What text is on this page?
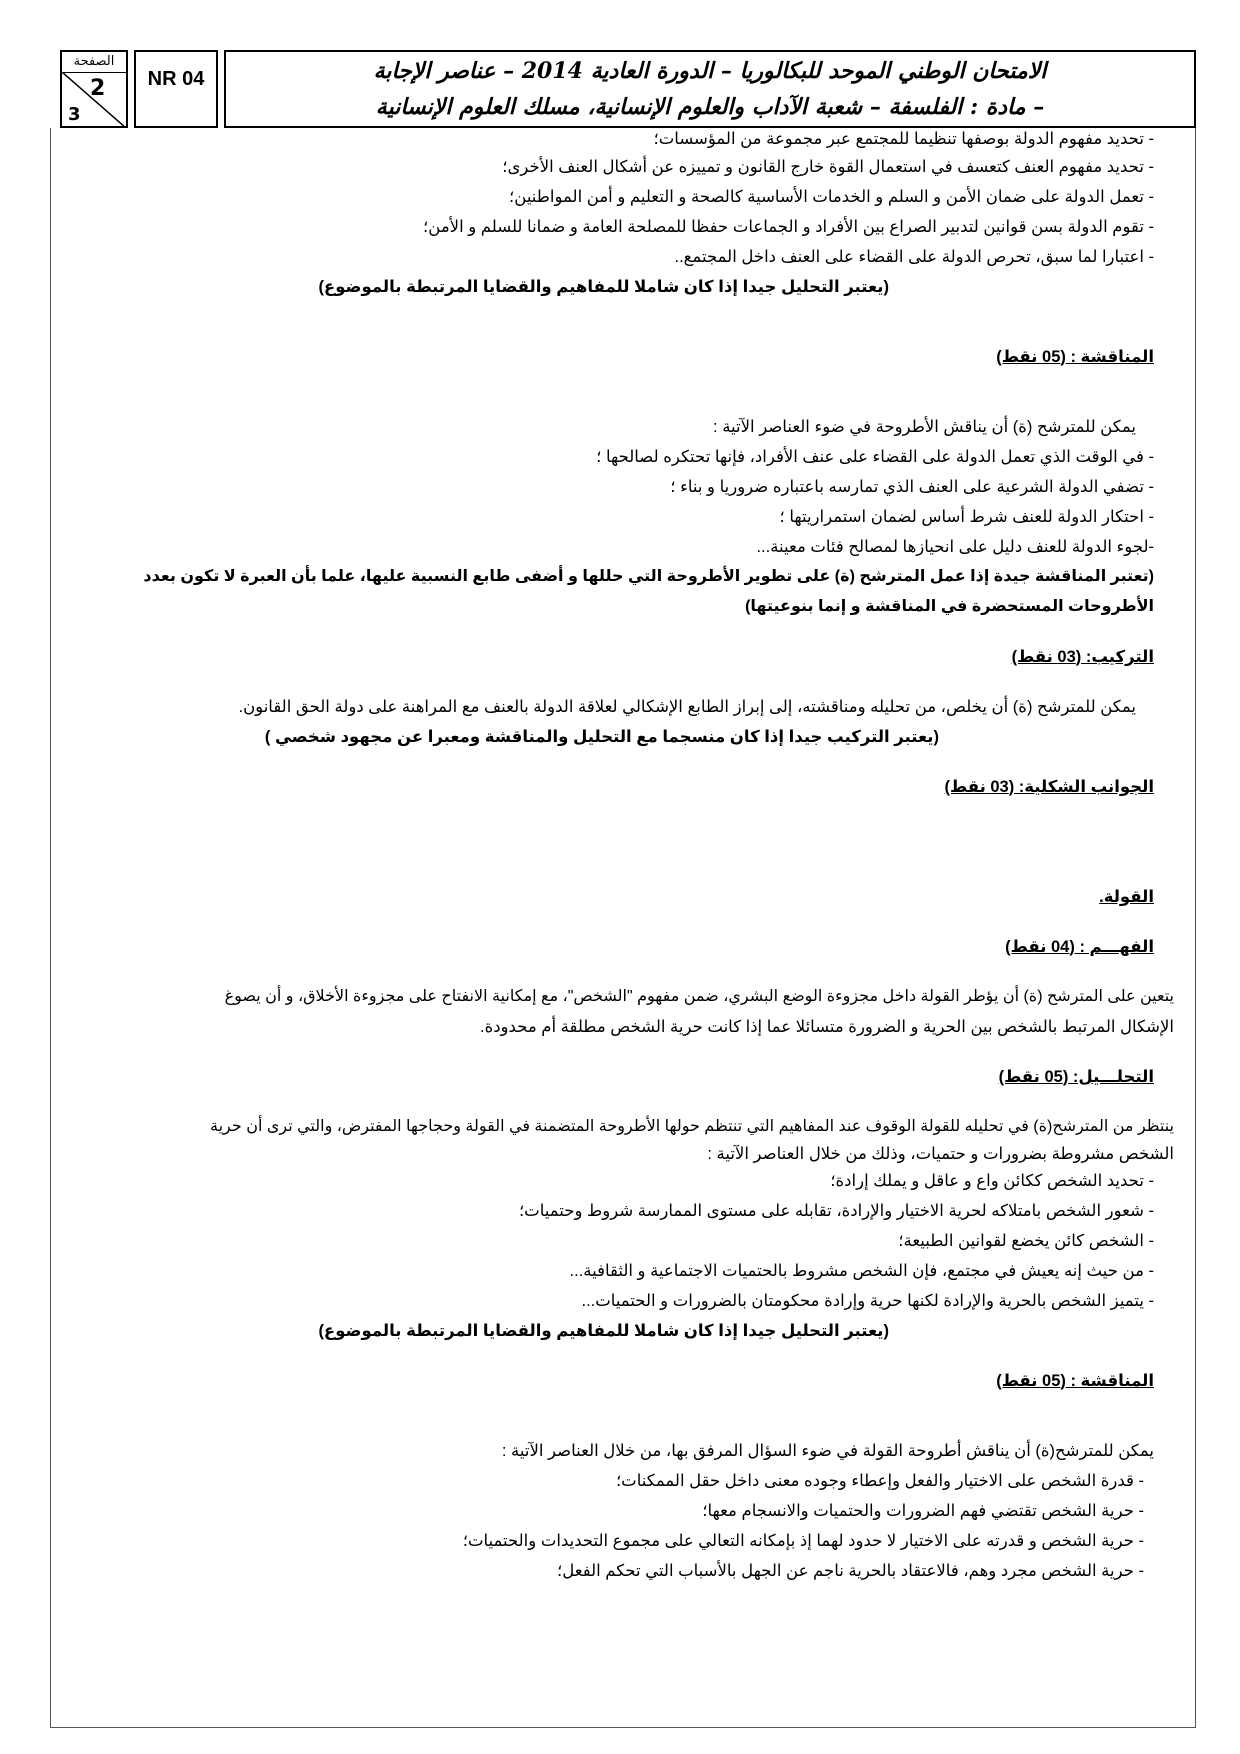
الصفحة
2
3
NR 04	الامتحان الوطني الموحد للبكالوريا – الدورة العادية 2014 – عناصر الإجابة
– مادة : الفلسفة – شعبة الآداب والعلوم الإنسانية، مسلك العلوم الإنسانية
- تحديد مفهوم الدولة بوصفها تنظيما للمجتمع عبر مجموعة من المؤسسات؛
- تحديد مفهوم العنف كتعسف في استعمال القوة خارج القانون و تمييزه عن أشكال العنف الأخرى؛
- تعمل الدولة على ضمان الأمن و السلم و الخدمات الأساسية كالصحة و التعليم و أمن المواطنين؛
- تقوم الدولة بسن قوانين لتدبير الصراع بين الأفراد و الجماعات حفظا للمصلحة العامة و ضمانا للسلم و الأمن؛
- اعتبارا لما سبق، تحرص الدولة على القضاء على العنف داخل المجتمع..
(يعتبر التحليل جيدا إذا كان شاملا للمفاهيم والقضايا المرتبطة بالموضوع)
المناقشة : (05 نقط)
يمكن للمترشح (ة) أن يناقش الأطروحة في ضوء العناصر الآتية :
- في الوقت الذي تعمل الدولة على القضاء على عنف الأفراد، فإنها تحتكره لصالحها ؛
- تضفي الدولة الشرعية على العنف الذي تمارسه باعتباره ضروريا و بناء ؛
- احتكار الدولة للعنف شرط أساس لضمان استمراريتها ؛
-لجوء الدولة للعنف دليل على انحيازها لمصالح فئات معينة...
(تعتبر المناقشة جيدة إذا عمل المترشح (ة) على تطوير الأطروحة التي حللها و أضفى طابع النسبية عليها، علما بأن العبرة لا تكون بعدد
الأطروحات المستحضرة في المناقشة و إنما بنوعيتها)
التركيب: (03 نقط)
يمكن للمترشح (ة) أن يخلص، من تحليله ومناقشته، إلى إبراز الطابع الإشكالي لعلاقة الدولة بالعنف مع المراهنة على دولة الحق القانون.
(يعتبر التركيب جيدا إذا كان منسجما مع التحليل والمناقشة ومعبرا عن مجهود شخصي )
الجوانب الشكلية: (03 نقط)
القولة.
الفهـــم : (04 نقط)
يتعين على المترشح (ة) أن يؤطر القولة داخل مجزوءة الوضع البشري، ضمن مفهوم "الشخص"، مع إمكانية الانفتاح على مجزوءة الأخلاق، و أن يصوغ
الإشكال المرتبط بالشخص بين الحرية و الضرورة متسائلا عما إذا كانت حرية الشخص مطلقة أم محدودة.
التحلـــيل: (05 نقط)
ينتظر من المترشح(ة) في تحليله للقولة الوقوف عند المفاهيم التي تنتظم حولها الأطروحة المتضمنة في القولة وحجاجها المفترض، والتي ترى أن حرية
الشخص مشروطة بضرورات و حتميات، وذلك من خلال العناصر الآتية :
- تحديد الشخص ككائن واع و عاقل و يملك إرادة؛
- شعور الشخص بامتلاكه لحرية الاختيار والإرادة، تقابله على مستوى الممارسة شروط وحتميات؛
- الشخص كائن يخضع لقوانين الطبيعة؛
- من حيث إنه يعيش في مجتمع، فإن الشخص مشروط بالحتميات الاجتماعية و الثقافية...
- يتميز الشخص بالحرية والإرادة لكنها حرية وإرادة محكومتان بالضرورات و الحتميات...
(يعتبر التحليل جيدا إذا كان شاملا للمفاهيم والقضايا المرتبطة بالموضوع)
المناقشة : (05 نقط)
يمكن للمترشح(ة) أن يناقش أطروحة القولة في ضوء السؤال المرفق بها، من خلال العناصر الآتية :
- قدرة الشخص على الاختيار والفعل وإعطاء وجوده معنى داخل حقل الممكنات؛
- حرية الشخص تقتضي فهم الضرورات والحتميات والانسجام معها؛
- حرية الشخص و قدرته على الاختيار لا حدود لهما إذ بإمكانه التعالي على مجموع التحديدات والحتميات؛
- حرية الشخص مجرد وهم، فالاعتقاد بالحرية ناجم عن الجهل بالأسباب التي تحكم الفعل؛
